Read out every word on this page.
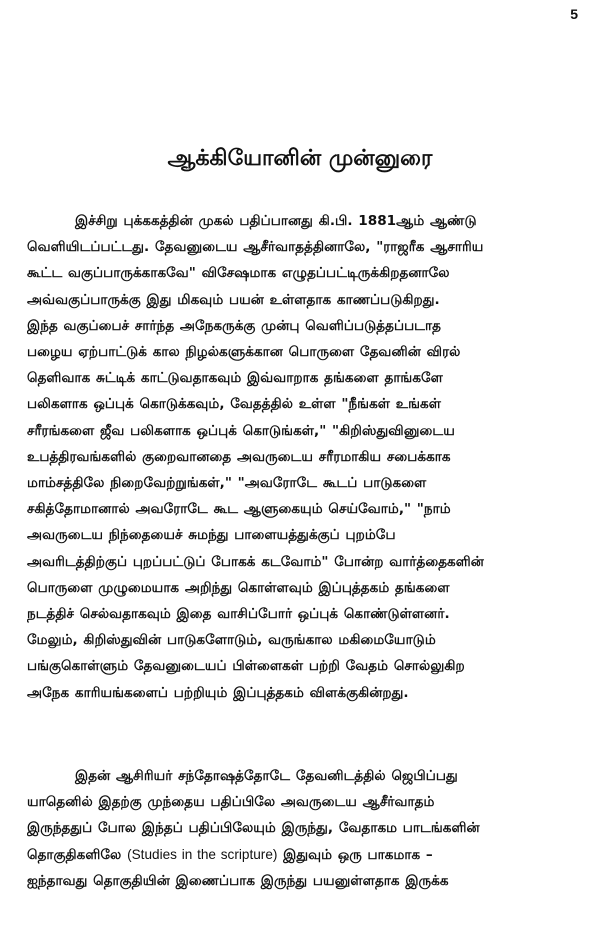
5
ஆக்கியோனின் முன்னுரை
இச்சிறு புக்ககத்தின் முகல் பதிப்பானது கி.பி. 1881ஆம் ஆண்டு
வெளியிடப்பட்டது. தேவனுடைய ஆசீர்வாதத்தினாலே, "ராஜரீக ஆசாரிய
கூட்ட வகுப்பாருக்காகவே" விசேஷமாக எழுதப்பட்டிருக்கிறதனாலே
அவ்வகுப்பாருக்கு இது மிகவும் பயன் உள்ளதாக காணப்படுகிறது.
இந்த வகுப்பைச் சார்ந்த அநேகருக்கு முன்பு வெளிப்படுத்தப்படாத
பழைய ஏற்பாட்டுக் கால நிழல்களுக்கான பொருளை தேவனின் விரல்
தெளிவாக சுட்டிக் காட்டுவதாகவும் இவ்வாறாக தங்களை தாங்களே
பலிகளாக ஒப்புக் கொடுக்கவும், வேதத்தில் உள்ள "நீங்கள் உங்கள்
சரீரங்களை ஜீவ பலிகளாக ஒப்புக் கொடுங்கள்," "கிறிஸ்துவினுடைய
உபத்திரவங்களில் குறைவானதை அவருடைய சரீரமாகிய சபைக்காக
மாம்சத்திலே நிறைவேற்றுங்கள்," "அவரோடே கூடப் பாடுகளை
சகித்தோமானால் அவரோடே கூட ஆளுகையும் செய்வோம்," "நாம்
அவருடைய நிந்தையைச் சுமந்து பாளையத்துக்குப் புறம்பே
அவரிடத்திற்குப் புறப்பட்டுப் போகக் கடவோம்" போன்ற வார்த்தைகளின்
பொருளை முழுமையாக அறிந்து கொள்ளவும் இப்புத்தகம் தங்களை
நடத்திச் செல்வதாகவும் இதை வாசிப்போர் ஒப்புக் கொண்டுள்ளனர்.
மேலும், கிறிஸ்துவின் பாடுகளோடும், வருங்கால மகிமையோடும்
பங்குகொள்ளும் தேவனுடையப் பிள்ளைகள் பற்றி வேதம் சொல்லுகிற
அநேக காரியங்களைப் பற்றியும் இப்புத்தகம் விளக்குகின்றது.
இதன் ஆசிரியர் சந்தோஷத்தோடே தேவனிடத்தில் ஜெபிப்பது
யாதெனில் இதற்கு முந்தைய பதிப்பிலே அவருடைய ஆசீர்வாதம்
இருந்ததுப் போல இந்தப் பதிப்பிலேயும் இருந்து, வேதாகம பாடங்களின்
தொகுதிகளிலே (Studies in the scripture) இதுவும் ஒரு பாகமாக –
ஐந்தாவது தொகுதியின் இணைப்பாக இருந்து பயனுள்ளதாக இருக்க
